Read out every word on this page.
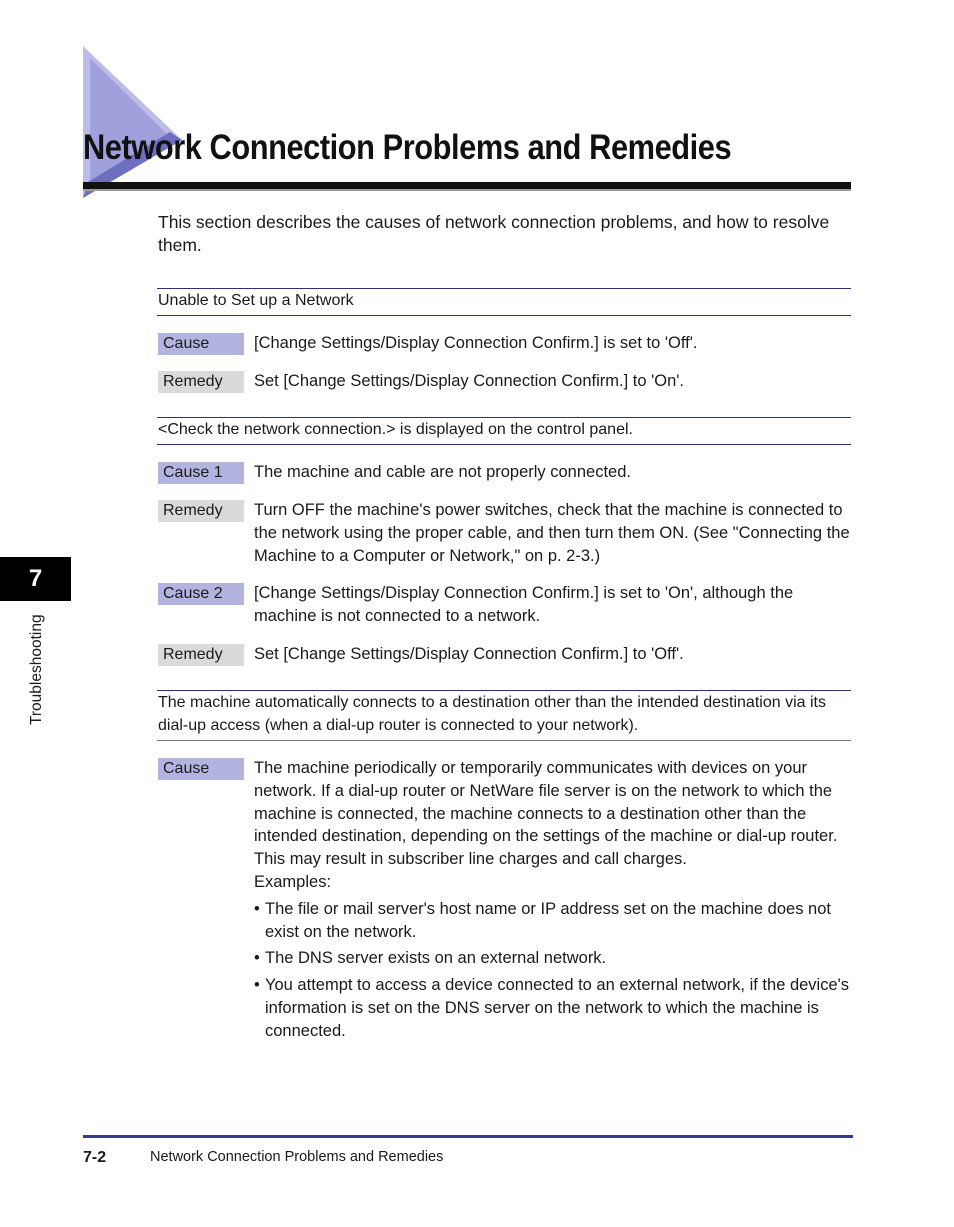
Network Connection Problems and Remedies

This section describes the causes of network connection problems, and how to resolve them.

Unable to Set up a Network
Cause	[Change Settings/Display Connection Confirm.] is set to 'Off'.
Remedy	Set [Change Settings/Display Connection Confirm.] to 'On'.
<Check the network connection.> is displayed on the control panel.
Cause 1	The machine and cable are not properly connected.
Remedy	Turn OFF the machine's power switches, check that the machine is connected to the network using the proper cable, and then turn them ON. (See "Connecting the Machine to a Computer or Network," on p. 2-3.)
Cause 2	[Change Settings/Display Connection Confirm.] is set to 'On', although the machine is not connected to a network.
Remedy	Set [Change Settings/Display Connection Confirm.] to 'Off'.
The machine automatically connects to a destination other than the intended destination via its dial-up access (when a dial-up router is connected to your network).
Cause	The machine periodically or temporarily communicates with devices on your network. If a dial-up router or NetWare file server is on the network to which the machine is connected, the machine connects to a destination other than the intended destination, depending on the settings of the machine or dial-up router. This may result in subscriber line charges and call charges.
Examples:
• The file or mail server's host name or IP address set on the machine does not exist on the network.
• The DNS server exists on an external network.
• You attempt to access a device connected to an external network, if the device's information is set on the DNS server on the network to which the machine is connected.
7
Troubleshooting
7-2	Network Connection Problems and Remedies
